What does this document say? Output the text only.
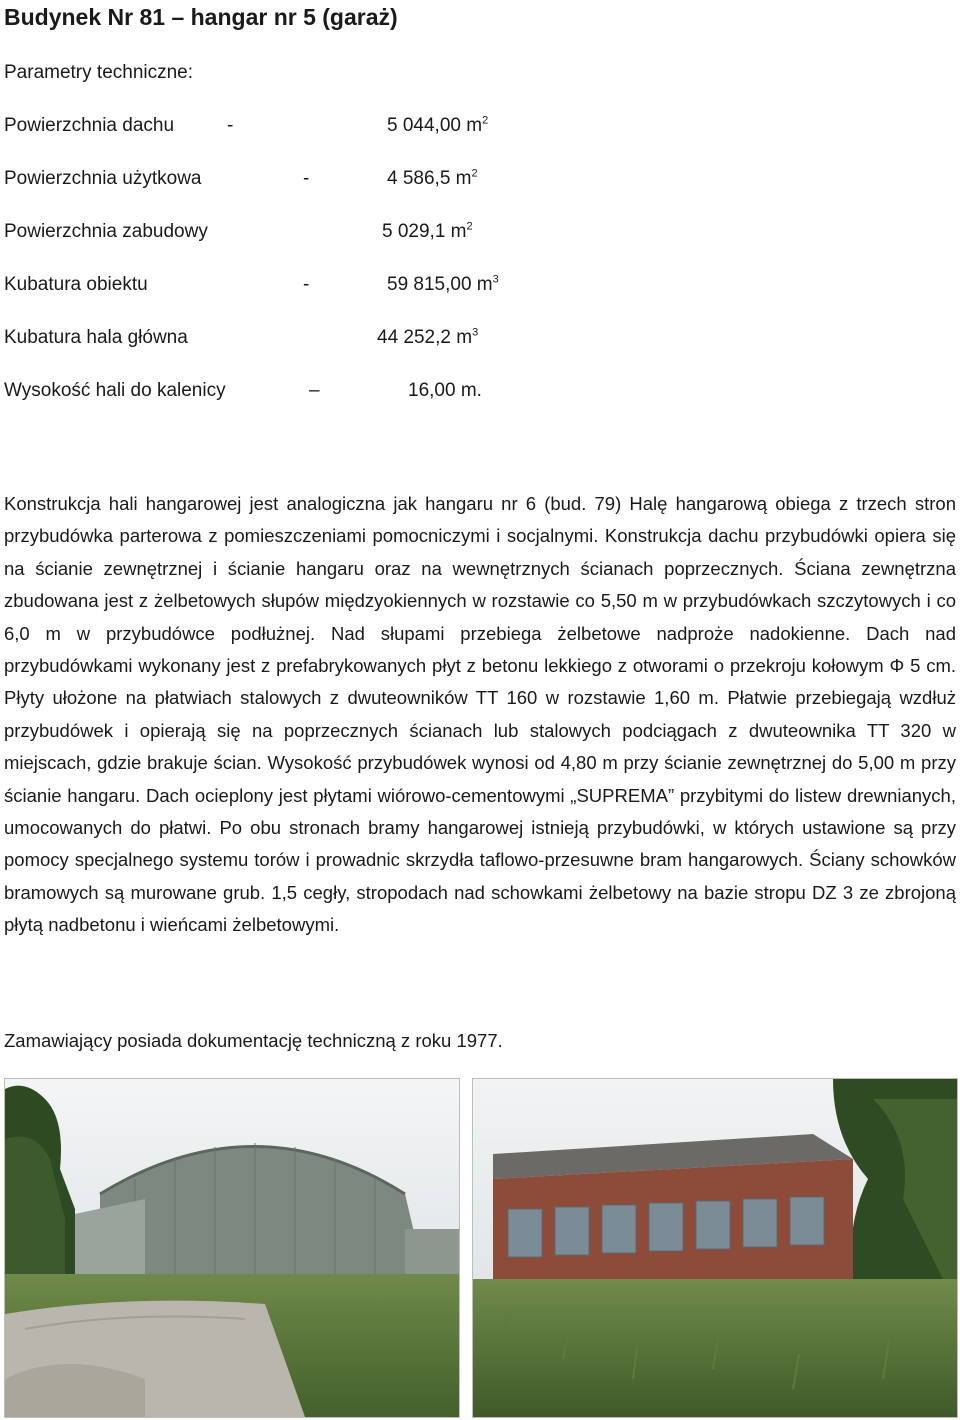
Budynek Nr 81 – hangar nr 5 (garaż)
Parametry techniczne:
Powierzchnia dachu	-	5 044,00 $m^2$
Powierzchnia użytkowa	-	4 586,5 $m^2$
Powierzchnia zabudowy	5 029,1 $m^2$
Kubatura obiektu	-	59 815,00 $m^3$
Kubatura hala główna	44 252,2 $m^3$
Wysokość hali do kalenicy	–	16,00 m.
Konstrukcja hali hangarowej jest analogiczna jak hangaru nr 6 (bud. 79) Halę hangarową obiega z trzech stron przybudówka parterowa z pomieszczeniami pomocniczymi i socjalnymi. Konstrukcja dachu przybudówki opiera się na ścianie zewnętrznej i ścianie hangaru oraz na wewnętrznych ścianach poprzecznych. Ściana zewnętrzna zbudowana jest z żelbetowych słupów międzyokiennych w rozstawie co 5,50 m w przybudówkach szczytowych i co 6,0 m w przybudówce podłużnej. Nad słupami przebiega żelbetowe nadproże nadokienne. Dach nad przybudówkami wykonany jest z prefabrykowanych płyt z betonu lekkiego z otworami o przekroju kołowym Φ 5 cm. Płyty ułożone na płatwiach stalowych z dwuteowników TT 160 w rozstawie 1,60 m. Płatwie przebiegają wzdłuż przybudówek i opierają się na poprzecznych ścianach lub stalowych podciągach z dwuteownika TT 320 w miejscach, gdzie brakuje ścian. Wysokość przybudówek wynosi od 4,80 m przy ścianie zewnętrznej do 5,00 m przy ścianie hangaru. Dach ocieplony jest płytami wiórowo-cementowymi „SUPREMA” przybitymi do listew drewnianych, umocowanych do płatwi. Po obu stronach bramy hangarowej istnieją przybudówki, w których ustawione są przy pomocy specjalnego systemu torów i prowadnic skrzydła taflowo-przesuwne bram hangarowych. Ściany schowków bramowych są murowane grub. 1,5 cegły, stropodach nad schowkami żelbetowy na bazie stropu DZ 3 ze zbrojoną płytą nadbetonu i wieńcami żelbetowymi.
Zamawiający posiada dokumentację techniczną z roku 1977.
